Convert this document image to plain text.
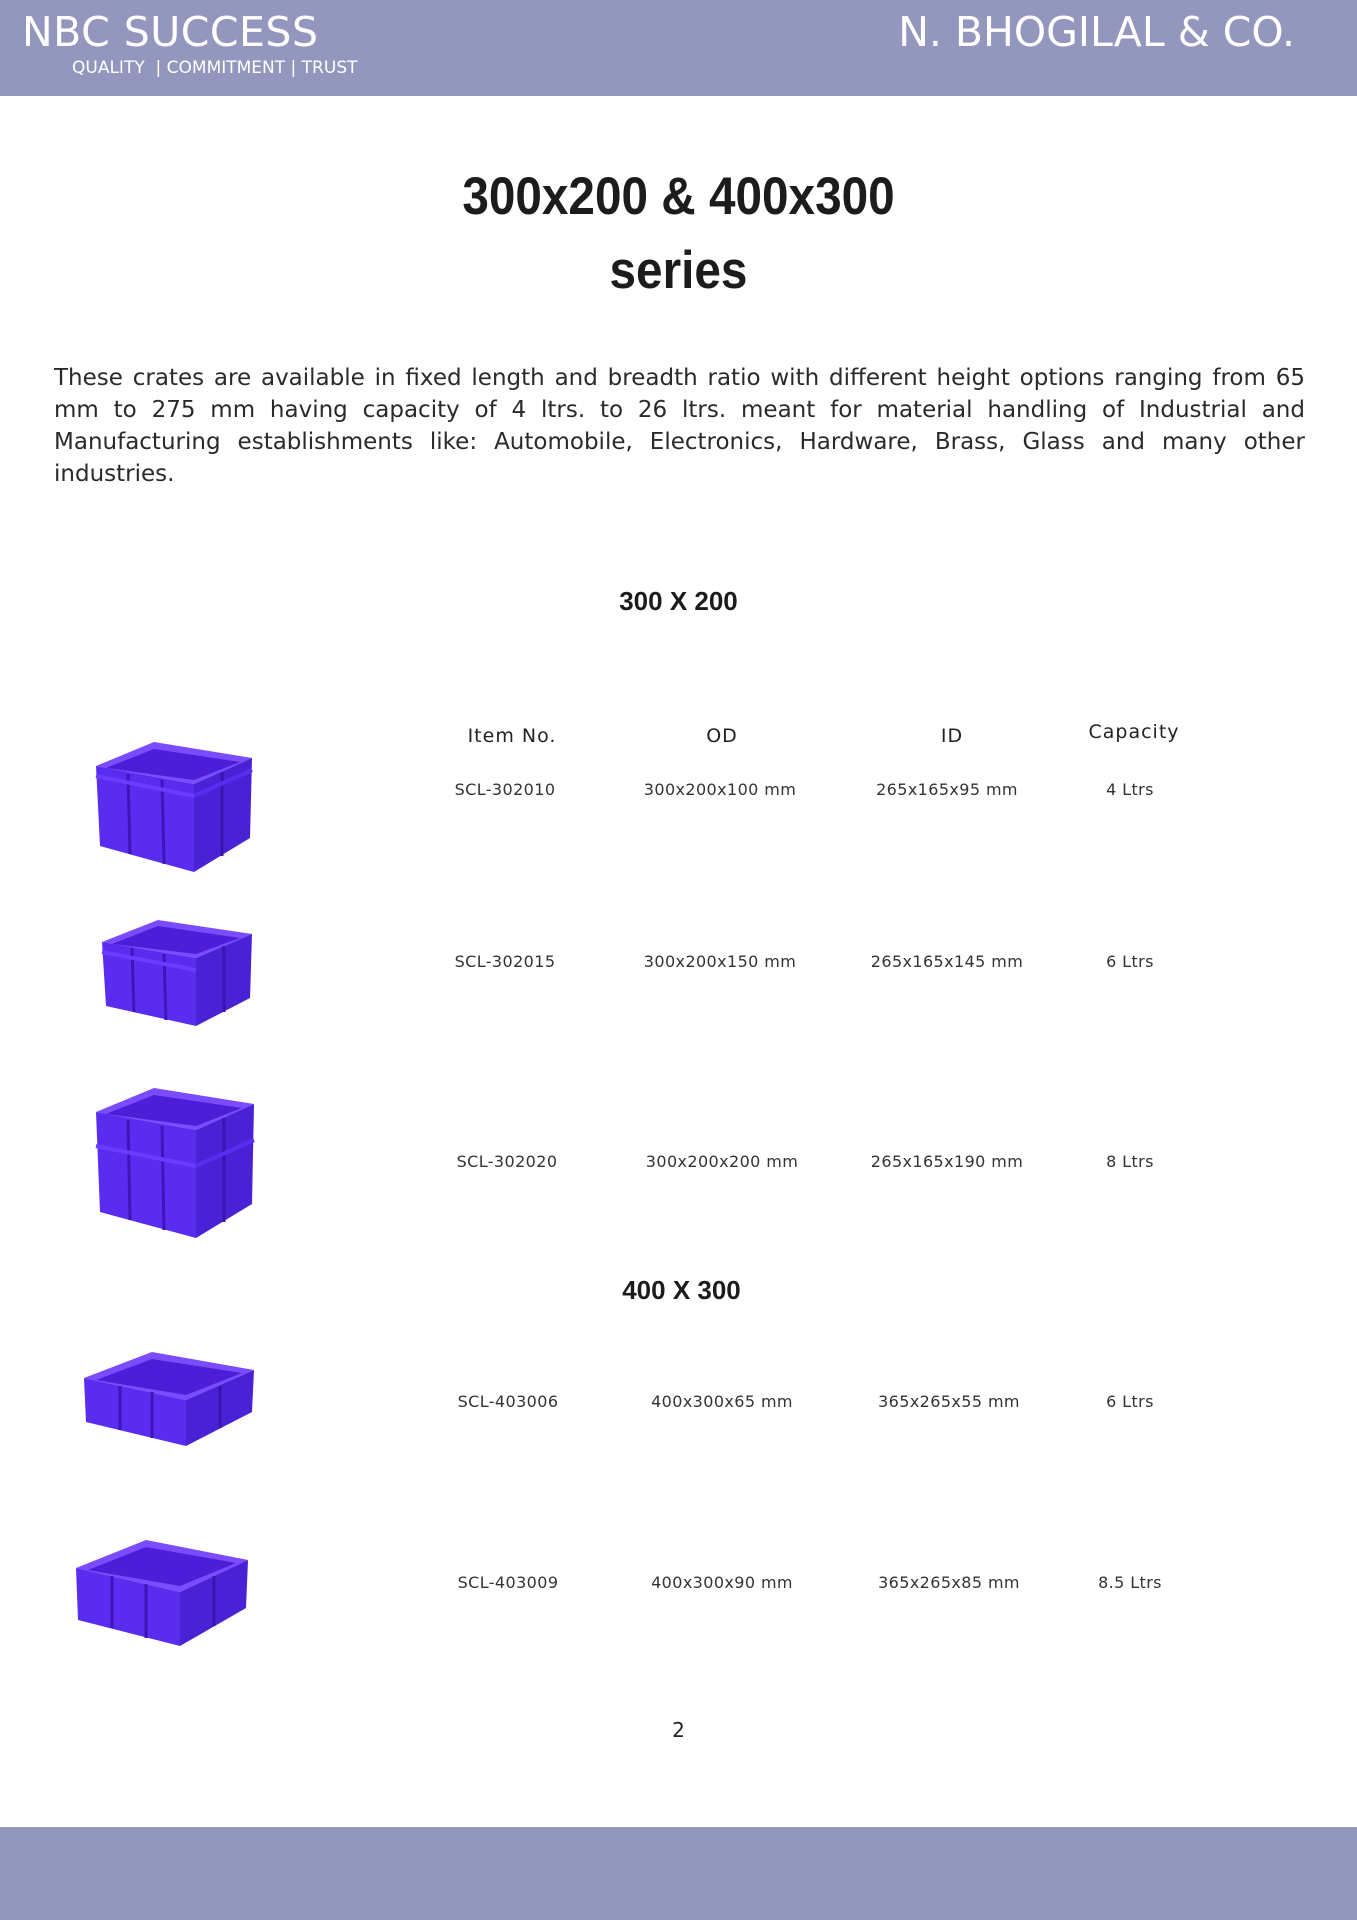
NBC SUCCESS
QUALITY  | COMMITMENT | TRUST
N. BHOGILAL & CO.
300x200 & 400x300
series
These crates are available in fixed length and breadth ratio with different height options ranging from 65 mm to 275 mm having capacity of 4 ltrs. to 26 ltrs. meant for material handling of Industrial and Manufacturing establishments like: Automobile, Electronics, Hardware, Brass, Glass and many other industries.
300 X 200
Item No.	OD	ID	Capacity
SCL-302010	300x200x100 mm	265x165x95 mm	4 Ltrs
SCL-302015	300x200x150 mm	265x165x145 mm	6 Ltrs
SCL-302020	300x200x200 mm	265x165x190 mm	8 Ltrs
400 X 300
SCL-403006	400x300x65 mm	365x265x55 mm	6 Ltrs
SCL-403009	400x300x90 mm	365x265x85 mm	8.5 Ltrs
2
